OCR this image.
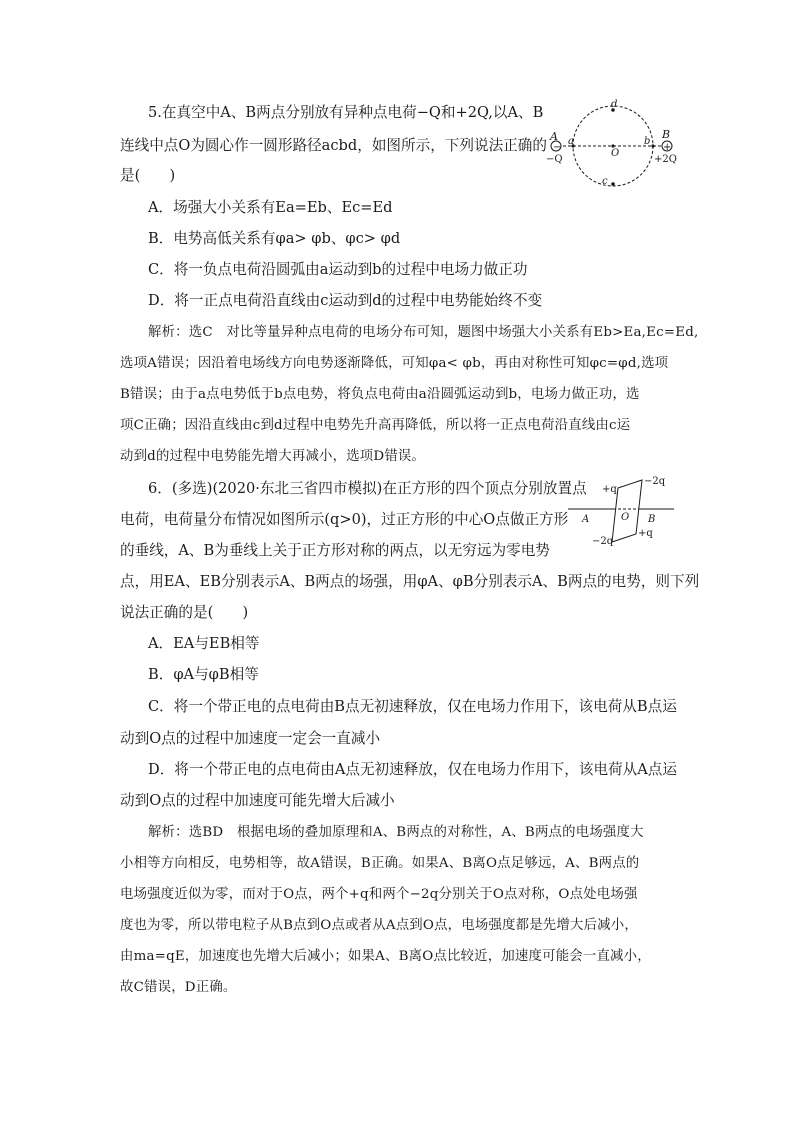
5.在真空中A、B两点分别放有异种点电荷−Q和+2Q,以A、B
连线中点O为圆心作一圆形路径acbd，如图所示，下列说法正确的
是(　　)
A．场强大小关系有Ea=Eb、Ec=Ed
B．电势高低关系有φa> φb、φc> φd
C．将一负点电荷沿圆弧由a运动到b的过程中电场力做正功
D．将一正点电荷沿直线由c运动到d的过程中电势能始终不变
解析：选C　对比等量异种点电荷的电场分布可知，题图中场强大小关系有Eb>Ea,Ec=Ed,
选项A错误；因沿着电场线方向电势逐渐降低，可知φa< φb，再由对称性可知φc=φd,选项
B错误；由于a点电势低于b点电势，将负点电荷由a沿圆弧运动到b，电场力做正功，选
项C正确；因沿直线由c到d过程中电势先升高再降低，所以将一正点电荷沿直线由c运
动到d的过程中电势能先增大再减小，选项D错误。
−
A
−Q
+
B
+2Q
a	b
O
c
d
6．(多选)(2020·东北三省四市模拟)在正方形的四个顶点分别放置点
电荷，电荷量分布情况如图所示(q>0)，过正方形的中心O点做正方形
的垂线，A、B为垂线上关于正方形对称的两点，以无穷远为零电势
点，用EA、EB分别表示A、B两点的场强，用φA、φB分别表示A、B两点的电势，则下列
说法正确的是(　　)
A．EA与EB相等
B．φA与φB相等
C．将一个带正电的点电荷由B点无初速释放，仅在电场力作用下，该电荷从B点运
动到O点的过程中加速度一定会一直减小
D．将一个带正电的点电荷由A点无初速释放，仅在电场力作用下，该电荷从A点运
动到O点的过程中加速度可能先增大后减小
解析：选BD　根据电场的叠加原理和A、B两点的对称性，A、B两点的电场强度大
小相等方向相反，电势相等，故A错误，B正确。如果A、B离O点足够远，A、B两点的
电场强度近似为零，而对于O点，两个+q和两个−2q分别关于O点对称，O点处电场强
度也为零，所以带电粒子从B点到O点或者从A点到O点，电场强度都是先增大后减小，
由ma=qE，加速度也先增大后减小；如果A、B离O点比较近，加速度可能会一直减小，
故C错误，D正确。
+q
−2q
A	O B
−2q
+q
